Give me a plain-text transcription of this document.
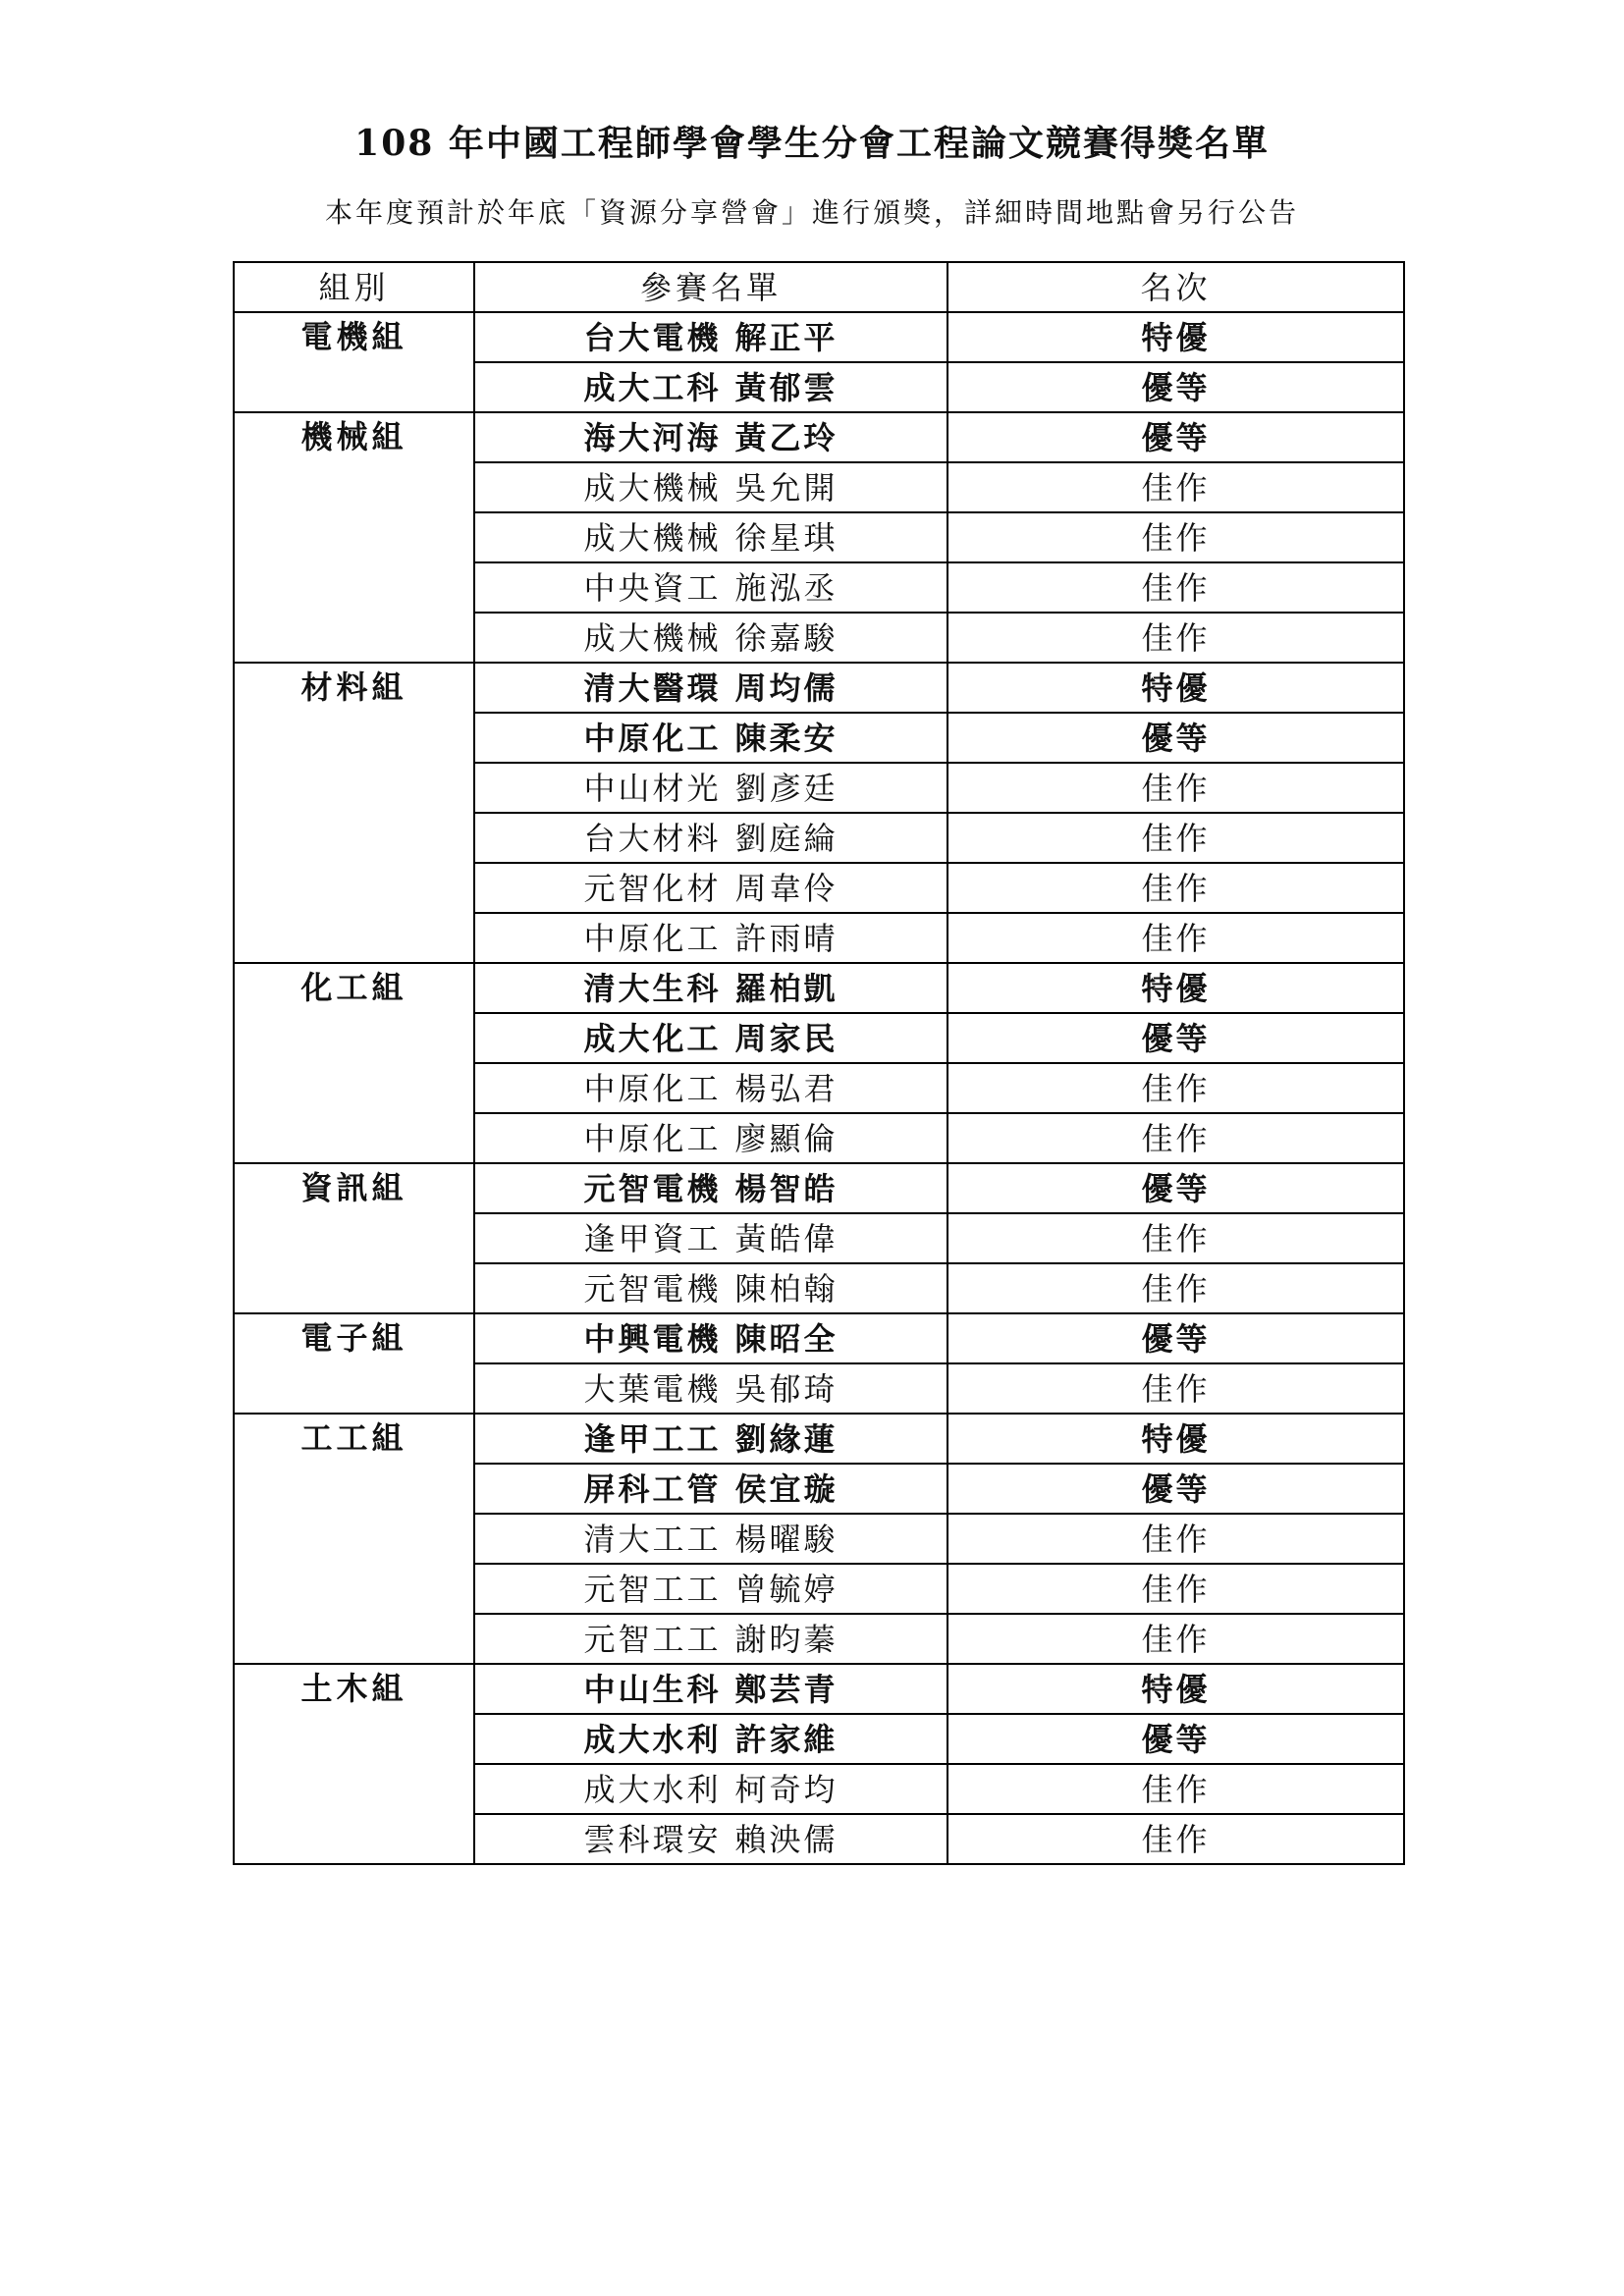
108 年中國工程師學會學生分會工程論文競賽得獎名單
本年度預計於年底「資源分享營會」進行頒獎，詳細時間地點會另行公告
組別	參賽名單	名次
電機組	台大電機 解正平	特優
	成大工科 黃郁雲	優等
機械組	海大河海 黃乙玲	優等
	成大機械 吳允開	佳作
	成大機械 徐星琪	佳作
	中央資工 施泓丞	佳作
	成大機械 徐嘉駿	佳作
材料組	清大醫環 周均儒	特優
	中原化工 陳柔安	優等
	中山材光 劉彥廷	佳作
	台大材料 劉庭綸	佳作
	元智化材 周韋伶	佳作
	中原化工 許雨晴	佳作
化工組	清大生科 羅柏凱	特優
	成大化工 周家民	優等
	中原化工 楊弘君	佳作
	中原化工 廖顯倫	佳作
資訊組	元智電機 楊智皓	優等
	逢甲資工 黃皓偉	佳作
	元智電機 陳柏翰	佳作
電子組	中興電機 陳昭全	優等
	大葉電機 吳郁琦	佳作
工工組	逢甲工工 劉緣蓮	特優
	屏科工管 侯宜璇	優等
	清大工工 楊曜駿	佳作
	元智工工 曾毓婷	佳作
	元智工工 謝昀蓁	佳作
土木組	中山生科 鄭芸青	特優
	成大水利 許家維	優等
	成大水利 柯奇均	佳作
	雲科環安 賴泱儒	佳作
